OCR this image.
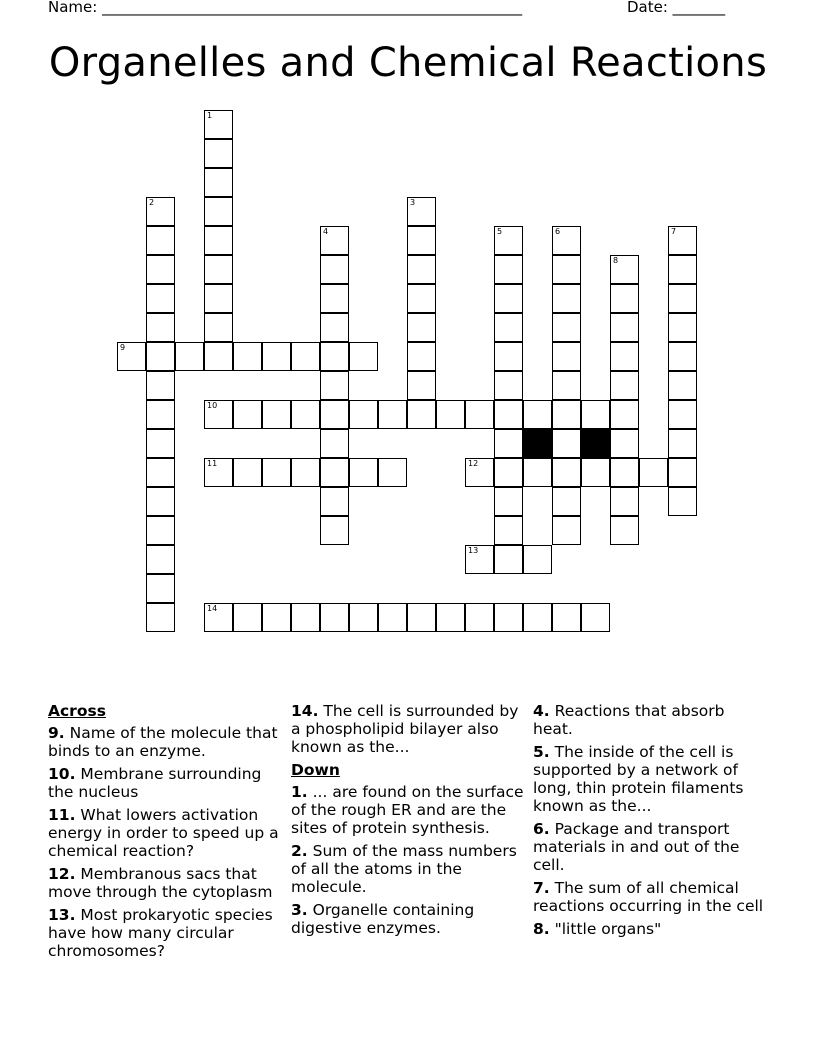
Name: ________________________________________________________	Date: _______
Organelles and Chemical Reactions
1
2	3
4	5	6	7
8
9
10
11	12
13
14
Across
9. Name of the molecule that binds to an enzyme.
10. Membrane surrounding the nucleus
11. What lowers activation energy in order to speed up a chemical reaction?
12. Membranous sacs that move through the cytoplasm
13. Most prokaryotic species have how many circular chromosomes?
14. The cell is surrounded by a phospholipid bilayer also known as the...
Down
1. ... are found on the surface of the rough ER and are the sites of protein synthesis.
2. Sum of the mass numbers of all the atoms in the molecule.
3. Organelle containing digestive enzymes.
4. Reactions that absorb heat.
5. The inside of the cell is supported by a network of long, thin protein filaments known as the...
6. Package and transport materials in and out of the cell.
7. The sum of all chemical reactions occurring in the cell
8. "little organs"
